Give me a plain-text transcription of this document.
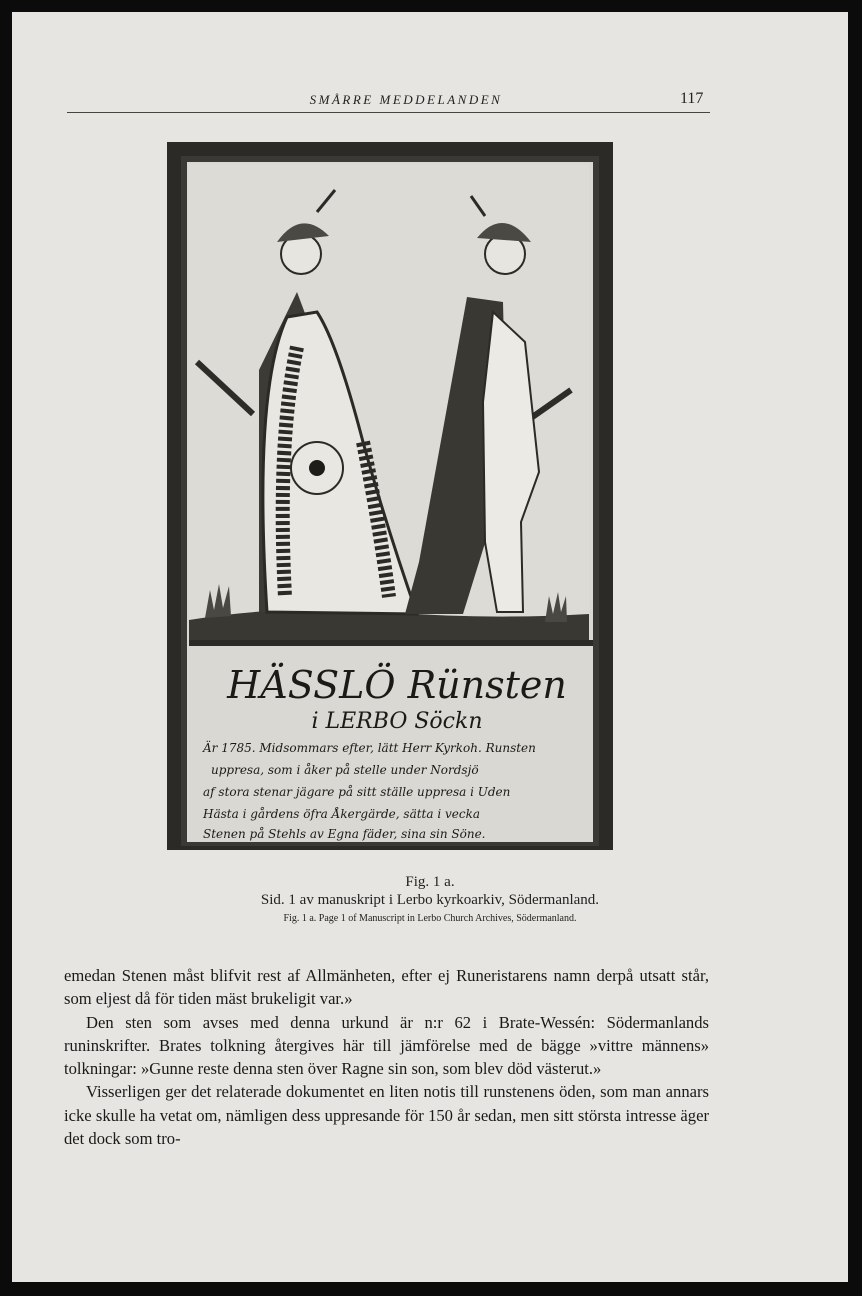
SMÅRRE MEDDELANDEN	117
HÄSSLÖ Rünsten
i LERBO Söckn
Är 1785. Midsommars efter, lätt Herr Kyrkoh. Runsten
uppresa, som i åker på stelle under Nordsjö
af stora stenar jägare på sitt ställe uppresa i Uden
Hästa i gårdens öfra Åkergärde, sätta i vecka
Stenen på Stehls av Egna fäder, sina sin Söne.
Fig. 1 a.
Sid. 1 av manuskript i Lerbo kyrkoarkiv, Södermanland.
Fig. 1 a. Page 1 of Manuscript in Lerbo Church Archives, Södermanland.

emedan Stenen måst blifvit rest af Allmänheten, efter ej Runeristarens namn derpå utsatt står, som eljest då för tiden mäst brukeligit var.»

Den sten som avses med denna urkund är n:r 62 i Brate-Wessén: Södermanlands runinskrifter. Brates tolkning återgives här till jämförelse med de bägge »vittre männens» tolkningar: »Gunne reste denna sten över Ragne sin son, som blev död västerut.»

Visserligen ger det relaterade dokumentet en liten notis till runstenens öden, som man annars icke skulle ha vetat om, nämligen dess uppresande för 150 år sedan, men sitt största intresse äger det dock som tro-
